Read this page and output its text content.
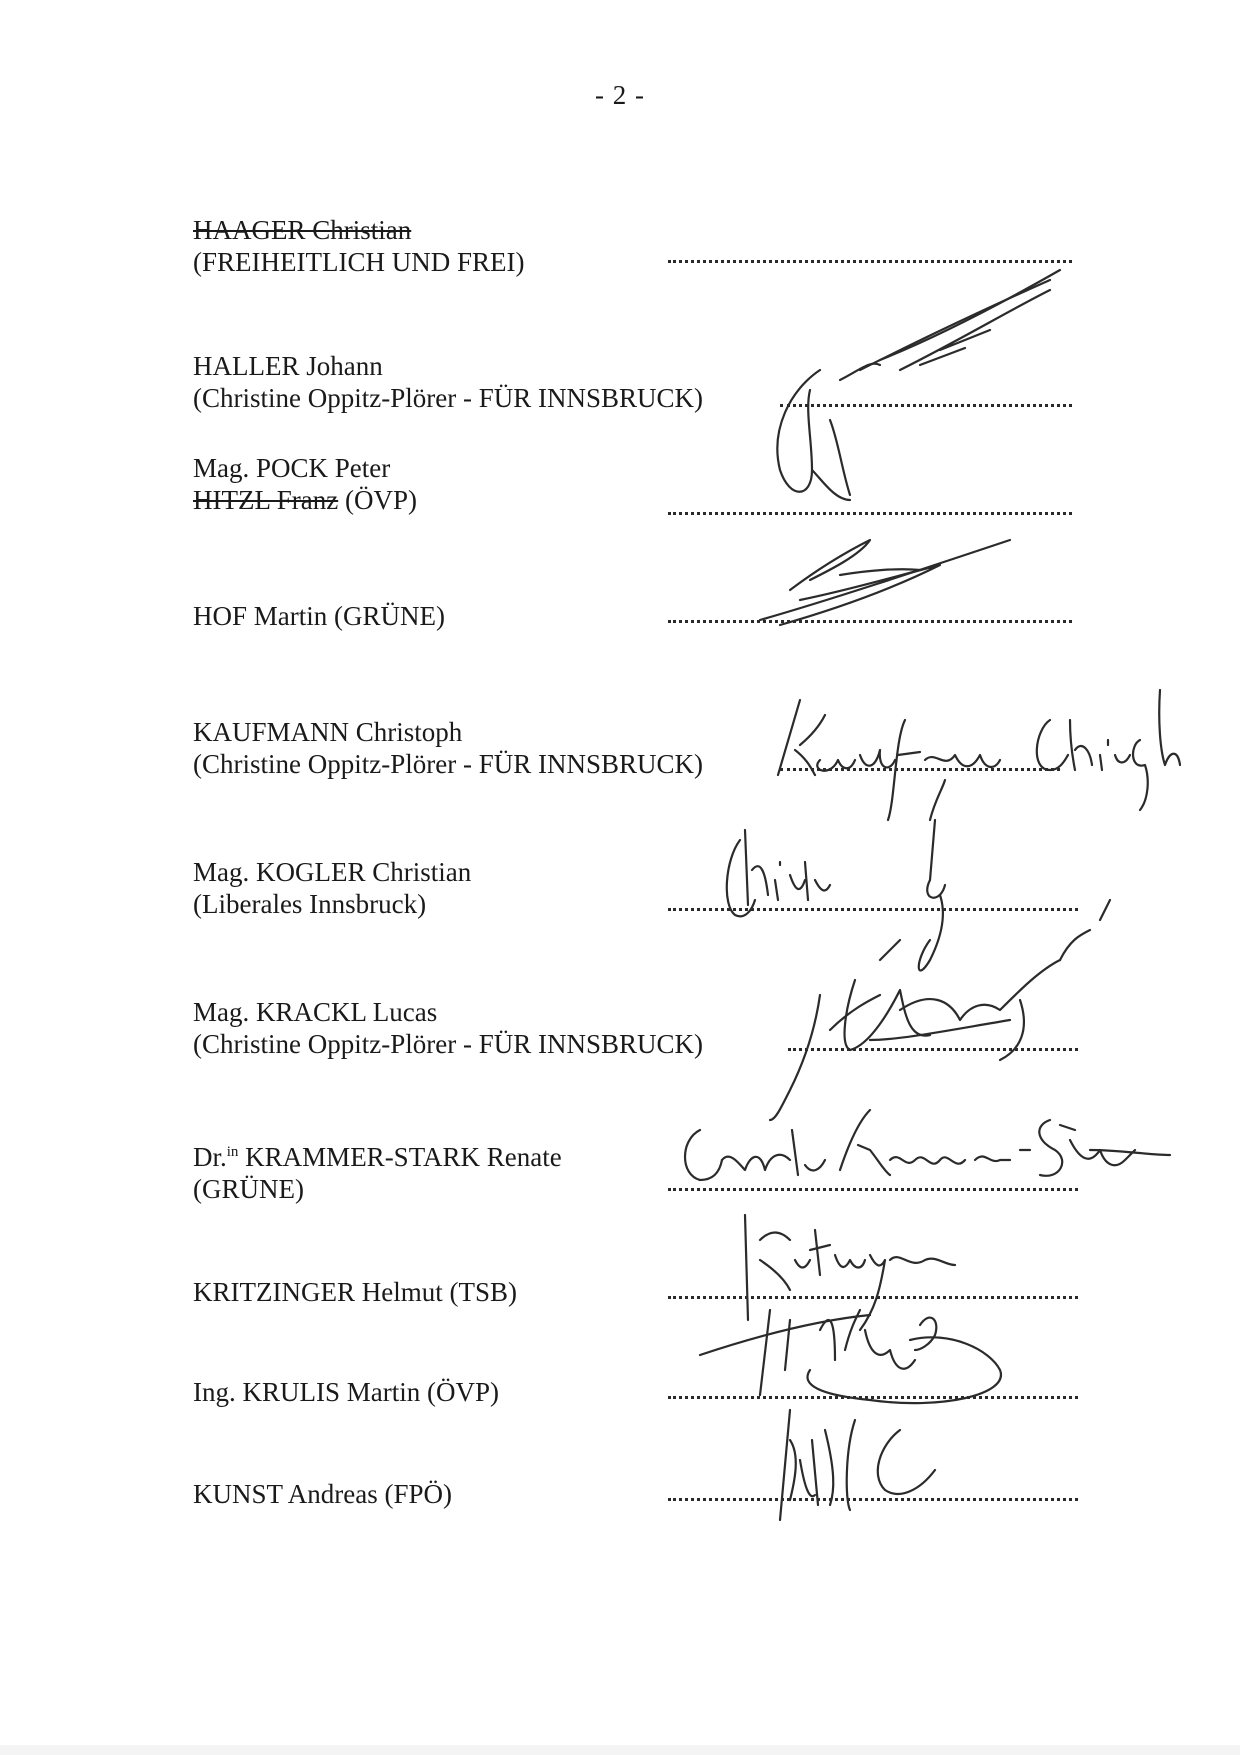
- 2 -
HAAGER Christian
(FREIHEITLICH UND FREI)
HALLER Johann
(Christine Oppitz-Plörer - FÜR INNSBRUCK)
Mag. POCK Peter
HITZL Franz (ÖVP)
HOF Martin (GRÜNE)
KAUFMANN Christoph
(Christine Oppitz-Plörer - FÜR INNSBRUCK)
Mag. KOGLER Christian
(Liberales Innsbruck)
Mag. KRACKL Lucas
(Christine Oppitz-Plörer - FÜR INNSBRUCK)
Dr.$^{in}$ KRAMMER-STARK Renate
(GRÜNE)
KRITZINGER Helmut (TSB)
Ing. KRULIS Martin (ÖVP)
KUNST Andreas (FPÖ)
